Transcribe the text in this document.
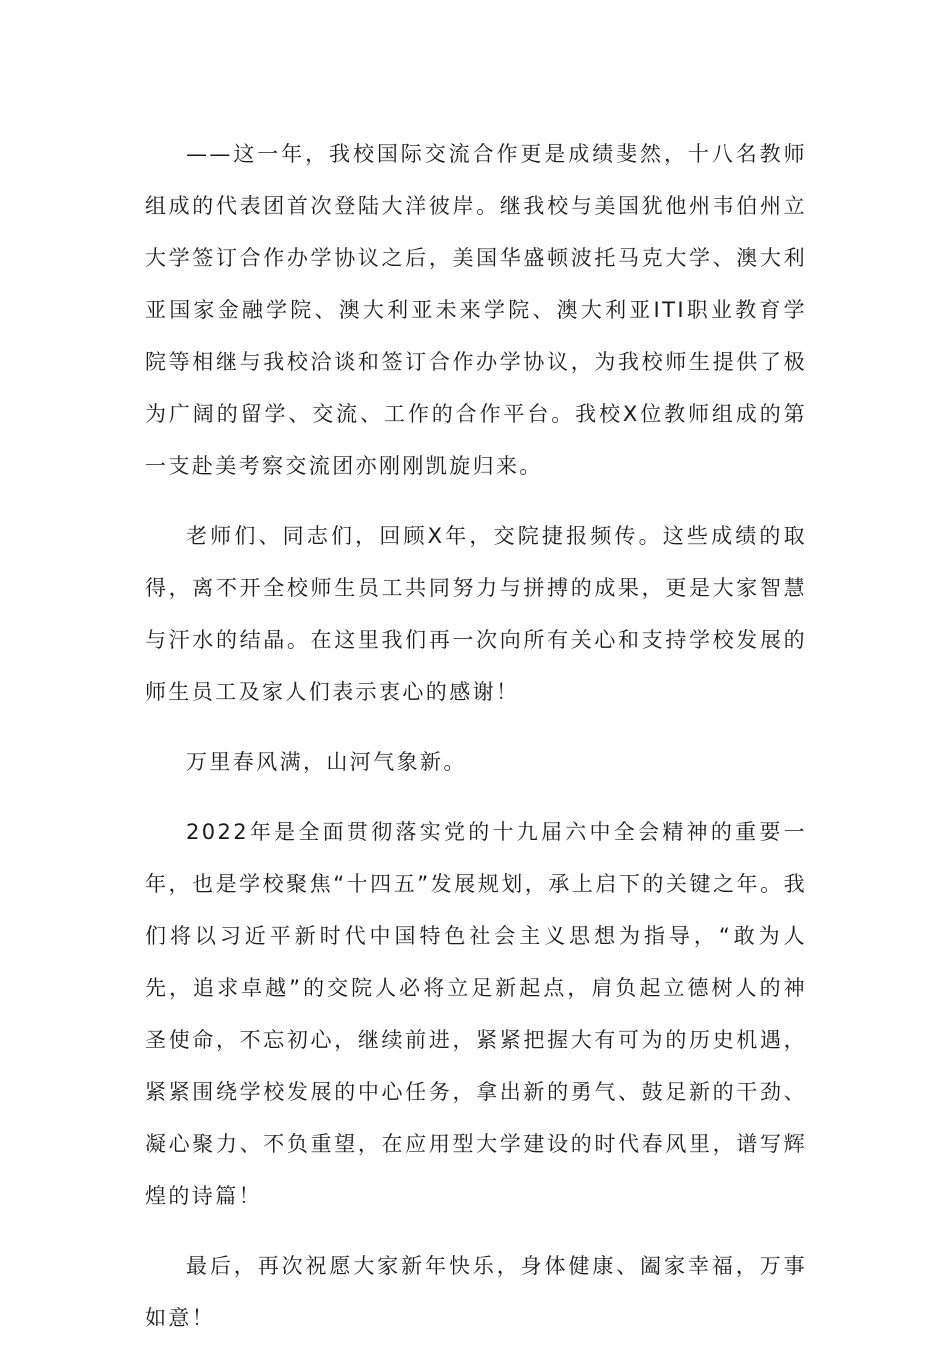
——这一年，我校国际交流合作更是成绩斐然，十八名教师组成的代表团首次登陆大洋彼岸。继我校与美国犹他州韦伯州立大学签订合作办学协议之后，美国华盛顿波托马克大学、澳大利亚国家金融学院、澳大利亚未来学院、澳大利亚ITI职业教育学院等相继与我校洽谈和签订合作办学协议，为我校师生提供了极为广阔的留学、交流、工作的合作平台。我校X位教师组成的第一支赴美考察交流团亦刚刚凯旋归来。

老师们、同志们，回顾X年，交院捷报频传。这些成绩的取得，离不开全校师生员工共同努力与拼搏的成果，更是大家智慧与汗水的结晶。在这里我们再一次向所有关心和支持学校发展的师生员工及家人们表示衷心的感谢！

万里春风满，山河气象新。

2022年是全面贯彻落实党的十九届六中全会精神的重要一年，也是学校聚焦“十四五”发展规划，承上启下的关键之年。我们将以习近平新时代中国特色社会主义思想为指导，“敢为人先，追求卓越”的交院人必将立足新起点，肩负起立德树人的神圣使命，不忘初心，继续前进，紧紧把握大有可为的历史机遇，紧紧围绕学校发展的中心任务，拿出新的勇气、鼓足新的干劲、凝心聚力、不负重望，在应用型大学建设的时代春风里，谱写辉煌的诗篇！

最后，再次祝愿大家新年快乐，身体健康、阖家幸福，万事如意！
